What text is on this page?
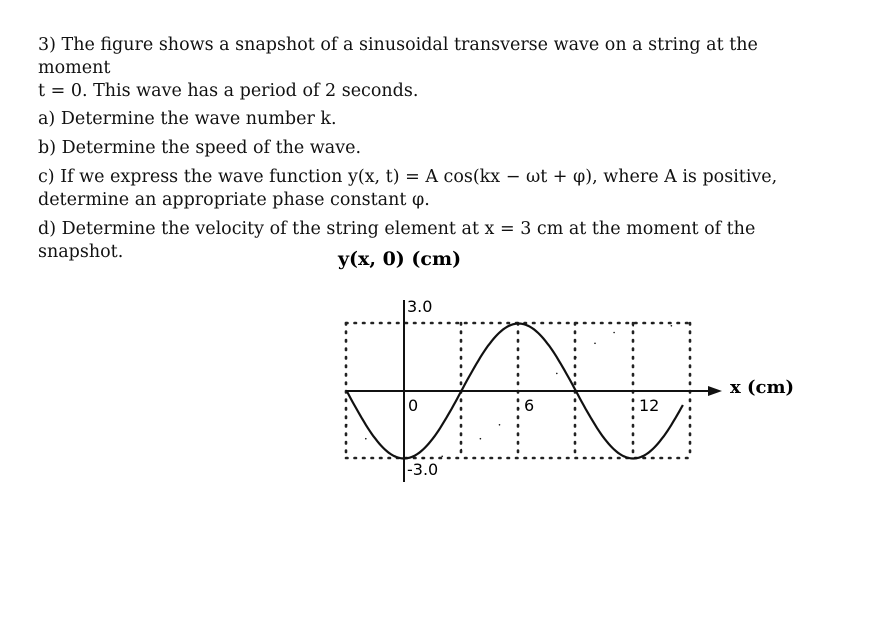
3) The figure shows a snapshot of a sinusoidal transverse wave on a string at the moment
t = 0. This wave has a period of 2 seconds.

a) Determine the wave number k.

b) Determine the speed of the wave.

c) If we express the wave function y(x, t) = A cos(kx − ωt + φ), where A is positive,
determine an appropriate phase constant φ.

d) Determine the velocity of the string element at x = 3 cm at the moment of the snapshot.	y(x, 0) (cm)
x (cm)
3.0
-3.0
0	6	12
